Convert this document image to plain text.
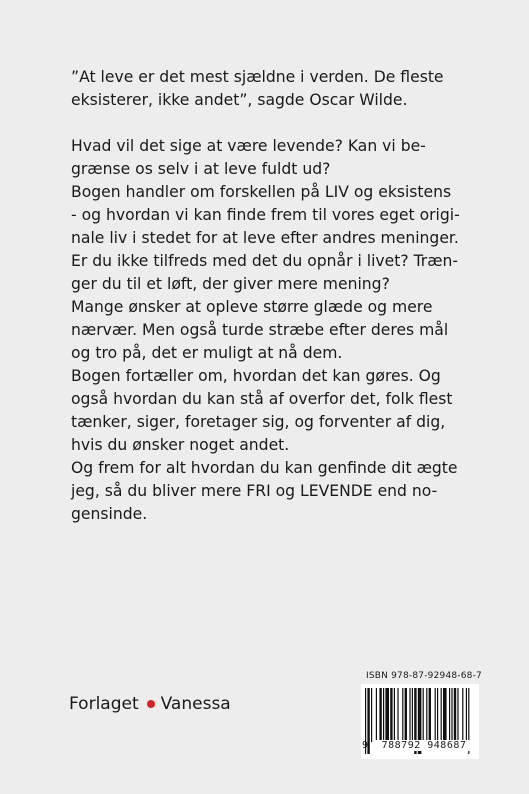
”At leve er det mest sjældne i verden. De fleste

eksisterer, ikke andet”, sagde Oscar Wilde.

Hvad vil det sige at være levende? Kan vi be-

grænse os selv i at leve fuldt ud?

Bogen handler om forskellen på LIV og eksistens

- og hvordan vi kan finde frem til vores eget origi-

nale liv i stedet for at leve efter andres meninger.

Er du ikke tilfreds med det du opnår i livet? Træn-

ger du til et løft, der giver mere mening?

Mange ønsker at opleve større glæde og mere

nærvær. Men også turde stræbe efter deres mål

og tro på, det er muligt at nå dem.

Bogen fortæller om, hvordan det kan gøres. Og

også hvordan du kan stå af overfor det, folk flest

tænker, siger, foretager sig, og forventer af dig,

hvis du ønsker noget andet.

Og frem for alt hvordan du kan genfinde dit ægte

jeg, så du bliver mere FRI og LEVENDE end no-

gensinde.

Forlaget Vanessa
ISBN 978-87-92948-68-7
9	788792 948687
